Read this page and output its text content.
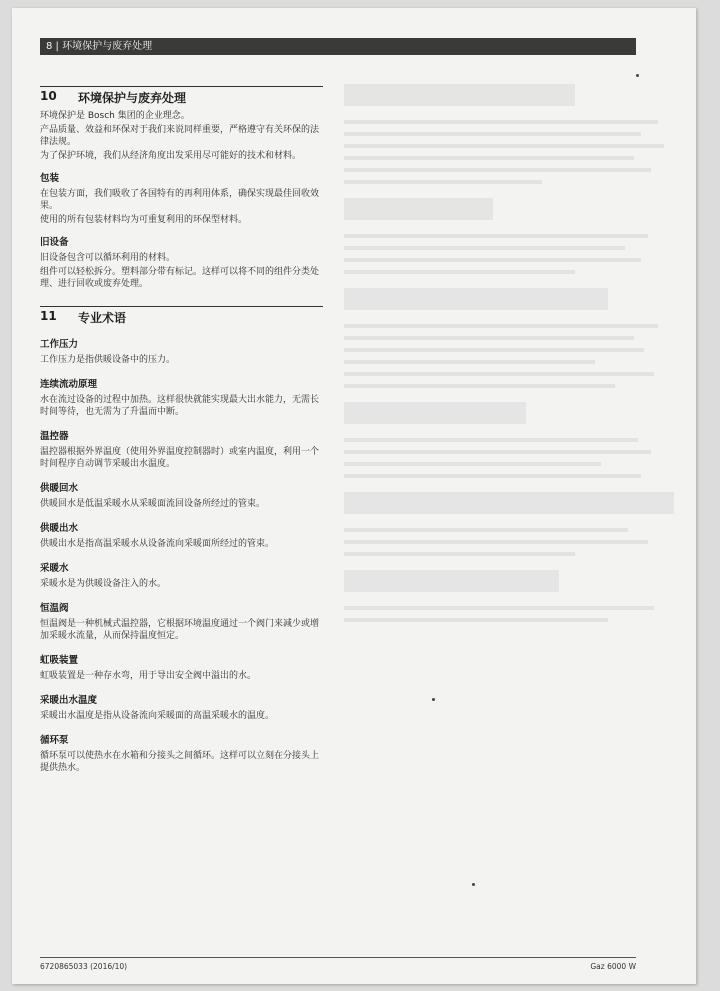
8 | 环境保护与废弃处理
10	环境保护与废弃处理

环境保护是 Bosch 集团的企业理念。

产品质量、效益和环保对于我们来说同样重要，严格遵守有关环保的法律法规。

为了保护环境，我们从经济角度出发采用尽可能好的技术和材料。

包装

在包装方面，我们吸收了各国特有的再利用体系，确保实现最佳回收效果。

使用的所有包装材料均为可重复利用的环保型材料。

旧设备

旧设备包含可以循环利用的材料。

组件可以轻松拆分。塑料部分带有标记。这样可以将不同的组件分类处理、进行回收或废弃处理。

11	专业术语
工作压力

工作压力是指供暖设备中的压力。

连续流动原理

水在流过设备的过程中加热。这样很快就能实现最大出水能力，无需长时间等待，也无需为了升温而中断。

温控器

温控器根据外界温度（使用外界温度控制器时）或室内温度，利用一个时间程序自动调节采暖出水温度。

供暖回水

供暖回水是低温采暖水从采暖面流回设备所经过的管束。

供暖出水

供暖出水是指高温采暖水从设备流向采暖面所经过的管束。

采暖水

采暖水是为供暖设备注入的水。

恒温阀

恒温阀是一种机械式温控器，它根据环境温度通过一个阀门来减少或增加采暖水流量，从而保持温度恒定。

虹吸装置

虹吸装置是一种存水弯，用于导出安全阀中溢出的水。

采暖出水温度

采暖出水温度是指从设备流向采暖面的高温采暖水的温度。

循环泵

循环泵可以使热水在水箱和分接头之间循环。这样可以立刻在分接头上提供热水。

6720865033 (2016/10)	Gaz 6000 W
